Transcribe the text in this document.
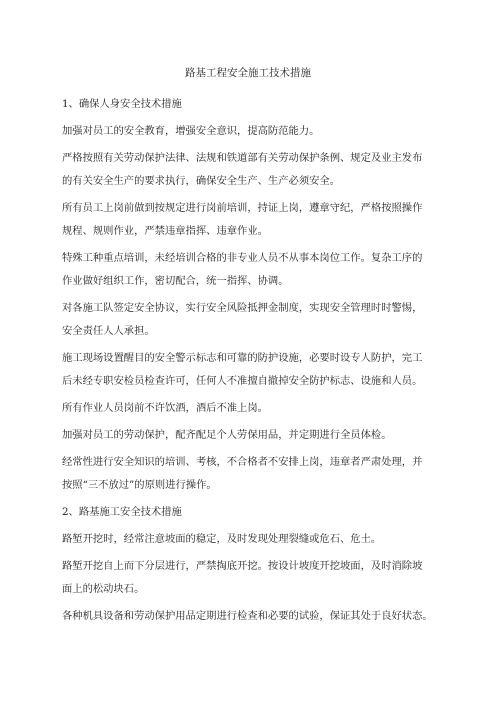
路基工程安全施工技术措施
1、确保人身安全技术措施
加强对员工的安全教育，增强安全意识，提高防范能力。
严格按照有关劳动保护法律、法规和铁道部有关劳动保护条例、规定及业主发布
的有关安全生产的要求执行，确保安全生产、生产必须安全。
所有员工上岗前做到按规定进行岗前培训，持证上岗，遵章守纪，严格按照操作
规程、规则作业，严禁违章指挥、违章作业。
特殊工种重点培训，未经培训合格的非专业人员不从事本岗位工作。复杂工序的
作业做好组织工作，密切配合，统一指挥、协调。
对各施工队签定安全协议，实行安全风险抵押金制度，实现安全管理时时警惕，
安全责任人人承担。
施工现场设置醒目的安全警示标志和可靠的防护设施，必要时设专人防护，完工
后未经专职安检员检查许可，任何人不准擅自撤掉安全防护标志、设施和人员。
所有作业人员岗前不许饮酒，酒后不准上岗。
加强对员工的劳动保护，配齐配足个人劳保用品，并定期进行全员体检。
经常性进行安全知识的培训、考核，不合格者不安排上岗，违章者严肃处理，并
按照“三不放过”的原则进行操作。
2、路基施工安全技术措施
路堑开挖时，经常注意坡面的稳定，及时发现处理裂缝或危石、危土。
路堑开挖自上而下分层进行，严禁掏底开挖。按设计坡度开挖坡面，及时消除坡
面上的松动块石。
各种机具设备和劳动保护用品定期进行检查和必要的试验，保证其处于良好状态。
